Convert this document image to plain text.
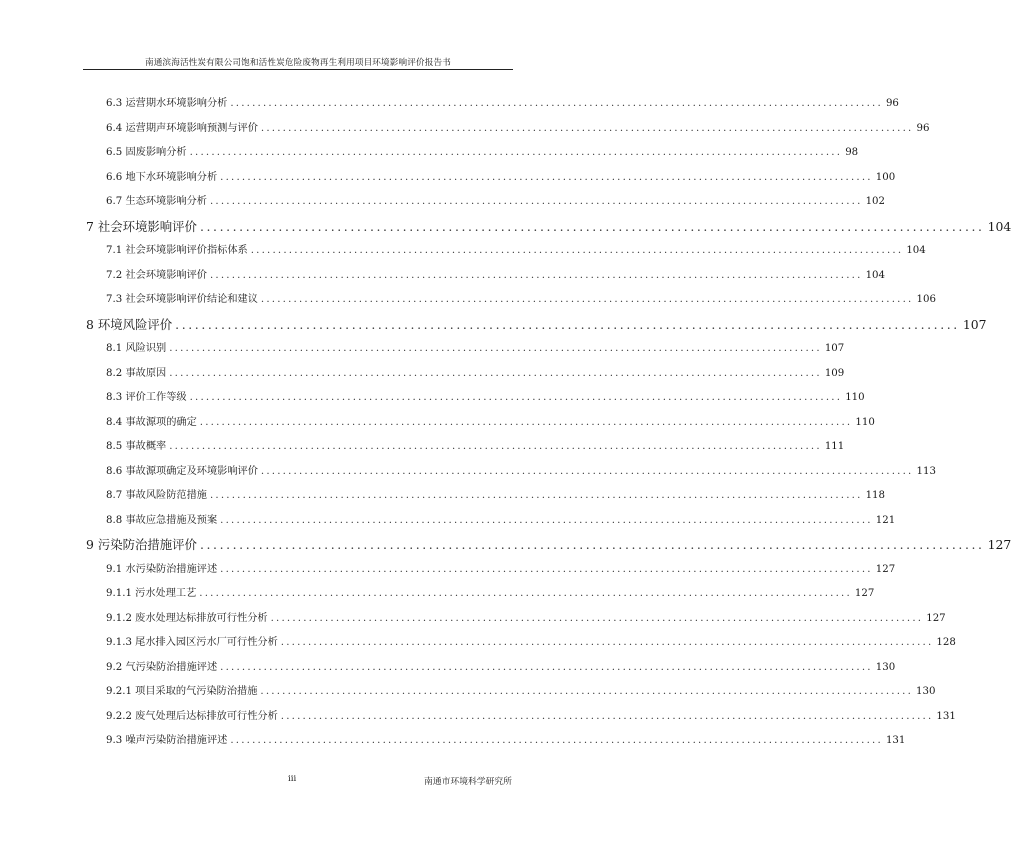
南通滨海活性炭有限公司饱和活性炭危险废物再生利用项目环境影响评价报告书
6.3 运营期水环境影响分析 ........................................................................................................................ 96
6.4 运营期声环境影响预测与评价 ........................................................................................................................ 96
6.5 固废影响分析 ........................................................................................................................ 98
6.6 地下水环境影响分析 ........................................................................................................................ 100
6.7 生态环境影响分析 ........................................................................................................................ 102
7 社会环境影响评价 ........................................................................................................................ 104
7.1 社会环境影响评价指标体系 ........................................................................................................................ 104
7.2 社会环境影响评价 ........................................................................................................................ 104
7.3 社会环境影响评价结论和建议 ........................................................................................................................ 106
8 环境风险评价 ........................................................................................................................ 107
8.1 风险识别 ........................................................................................................................ 107
8.2 事故原因 ........................................................................................................................ 109
8.3 评价工作等级 ........................................................................................................................ 110
8.4 事故源项的确定 ........................................................................................................................ 110
8.5 事故概率 ........................................................................................................................ 111
8.6 事故源项确定及环境影响评价 ........................................................................................................................ 113
8.7 事故风险防范措施 ........................................................................................................................ 118
8.8 事故应急措施及预案 ........................................................................................................................ 121
9 污染防治措施评价 ........................................................................................................................ 127
9.1 水污染防治措施评述 ........................................................................................................................ 127
9.1.1 污水处理工艺 ........................................................................................................................ 127
9.1.2 废水处理达标排放可行性分析 ........................................................................................................................ 127
9.1.3 尾水排入园区污水厂可行性分析 ........................................................................................................................ 128
9.2 气污染防治措施评述 ........................................................................................................................ 130
9.2.1 项目采取的气污染防治措施 ........................................................................................................................ 130
9.2.2 废气处理后达标排放可行性分析 ........................................................................................................................ 131
9.3 噪声污染防治措施评述 ........................................................................................................................ 131
iii	南通市环境科学研究所
